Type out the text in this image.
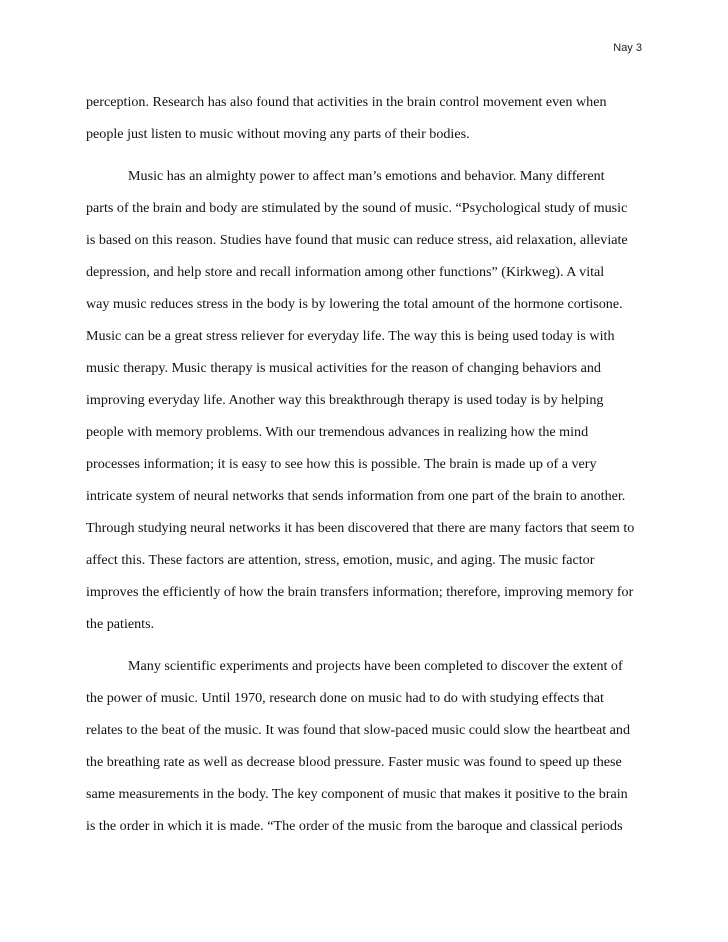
Nay 3
perception. Research has also found that activities in the brain control movement even when
people just listen to music without moving any parts of their bodies.
Music has an almighty power to affect man’s emotions and behavior. Many different
parts of the brain and body are stimulated by the sound of music. “Psychological study of music
is based on this reason. Studies have found that music can reduce stress, aid relaxation, alleviate
depression, and help store and recall information among other functions” (Kirkweg). A vital
way music reduces stress in the body is by lowering the total amount of the hormone cortisone.
Music can be a great stress reliever for everyday life. The way this is being used today is with
music therapy. Music therapy is musical activities for the reason of changing behaviors and
improving everyday life. Another way this breakthrough therapy is used today is by helping
people with memory problems. With our tremendous advances in realizing how the mind
processes information; it is easy to see how this is possible. The brain is made up of a very
intricate system of neural networks that sends information from one part of the brain to another.
Through studying neural networks it has been discovered that there are many factors that seem to
affect this. These factors are attention, stress, emotion, music, and aging. The music factor
improves the efficiently of how the brain transfers information; therefore, improving memory for
the patients.
Many scientific experiments and projects have been completed to discover the extent of
the power of music. Until 1970, research done on music had to do with studying effects that
relates to the beat of the music. It was found that slow-paced music could slow the heartbeat and
the breathing rate as well as decrease blood pressure. Faster music was found to speed up these
same measurements in the body. The key component of music that makes it positive to the brain
is the order in which it is made. “The order of the music from the baroque and classical periods
